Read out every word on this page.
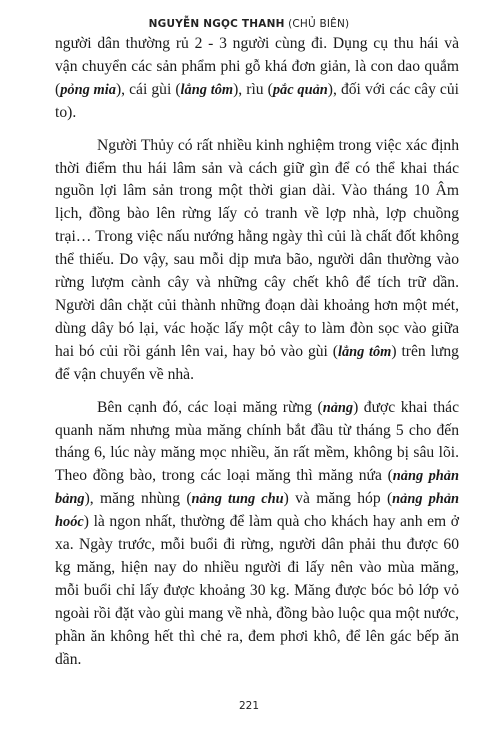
NGUYỄN NGỌC THANH (CHỦ BIÊN)

người dân thường rủ 2 - 3 người cùng đi. Dụng cụ thu hái và vận chuyển các sản phẩm phi gỗ khá đơn giản, là con dao quắm (pỏng mia), cái gùi (lẳng tôm), rìu (pắc quản), đối với các cây củi to).

Người Thủy có rất nhiều kinh nghiệm trong việc xác định thời điểm thu hái lâm sản và cách giữ gìn để có thể khai thác nguồn lợi lâm sản trong một thời gian dài. Vào tháng 10 Âm lịch, đồng bào lên rừng lấy cỏ tranh về lợp nhà, lợp chuồng trại… Trong việc nấu nướng hằng ngày thì củi là chất đốt không thể thiếu. Do vậy, sau mỗi dịp mưa bão, người dân thường vào rừng lượm cành cây và những cây chết khô để tích trữ dần. Người dân chặt củi thành những đoạn dài khoảng hơn một mét, dùng dây bó lại, vác hoặc lấy một cây to làm đòn sọc vào giữa hai bó củi rồi gánh lên vai, hay bỏ vào gùi (lẳng tôm) trên lưng để vận chuyển về nhà.

Bên cạnh đó, các loại măng rừng (nảng) được khai thác quanh năm nhưng mùa măng chính bắt đầu từ tháng 5 cho đến tháng 6, lúc này măng mọc nhiều, ăn rất mềm, không bị sâu lõi. Theo đồng bào, trong các loại măng thì măng nứa (nảng phản bảng), măng nhùng (nảng tung chu) và măng hóp (nảng phản hoóc) là ngon nhất, thường để làm quà cho khách hay anh em ở xa. Ngày trước, mỗi buổi đi rừng, người dân phải thu được 60 kg măng, hiện nay do nhiều người đi lấy nên vào mùa măng, mỗi buổi chỉ lấy được khoảng 30 kg. Măng được bóc bỏ lớp vỏ ngoài rồi đặt vào gùi mang về nhà, đồng bào luộc qua một nước, phần ăn không hết thì chẻ ra, đem phơi khô, để lên gác bếp ăn dần.

221
